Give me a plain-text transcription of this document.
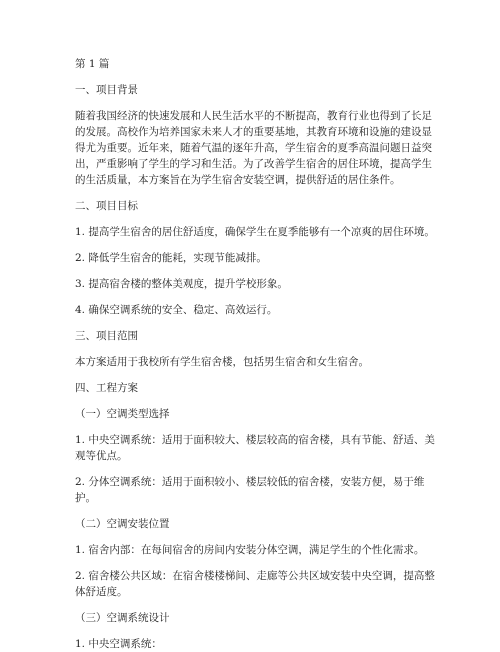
第 1 篇

一、项目背景

随着我国经济的快速发展和人民生活水平的不断提高，教育行业也得到了长足的发展。高校作为培养国家未来人才的重要基地，其教育环境和设施的建设显得尤为重要。近年来，随着气温的逐年升高，学生宿舍的夏季高温问题日益突出，严重影响了学生的学习和生活。为了改善学生宿舍的居住环境，提高学生的生活质量，本方案旨在为学生宿舍安装空调，提供舒适的居住条件。

二、项目目标

1. 提高学生宿舍的居住舒适度，确保学生在夏季能够有一个凉爽的居住环境。

2. 降低学生宿舍的能耗，实现节能减排。

3. 提高宿舍楼的整体美观度，提升学校形象。

4. 确保空调系统的安全、稳定、高效运行。

三、项目范围

本方案适用于我校所有学生宿舍楼，包括男生宿舍和女生宿舍。

四、工程方案

（一）空调类型选择

1. 中央空调系统：适用于面积较大、楼层较高的宿舍楼，具有节能、舒适、美观等优点。

2. 分体空调系统：适用于面积较小、楼层较低的宿舍楼，安装方便，易于维护。

（二）空调安装位置

1. 宿舍内部：在每间宿舍的房间内安装分体空调，满足学生的个性化需求。

2. 宿舍楼公共区域：在宿舍楼楼梯间、走廊等公共区域安装中央空调，提高整体舒适度。

（三）空调系统设计

1. 中央空调系统：
